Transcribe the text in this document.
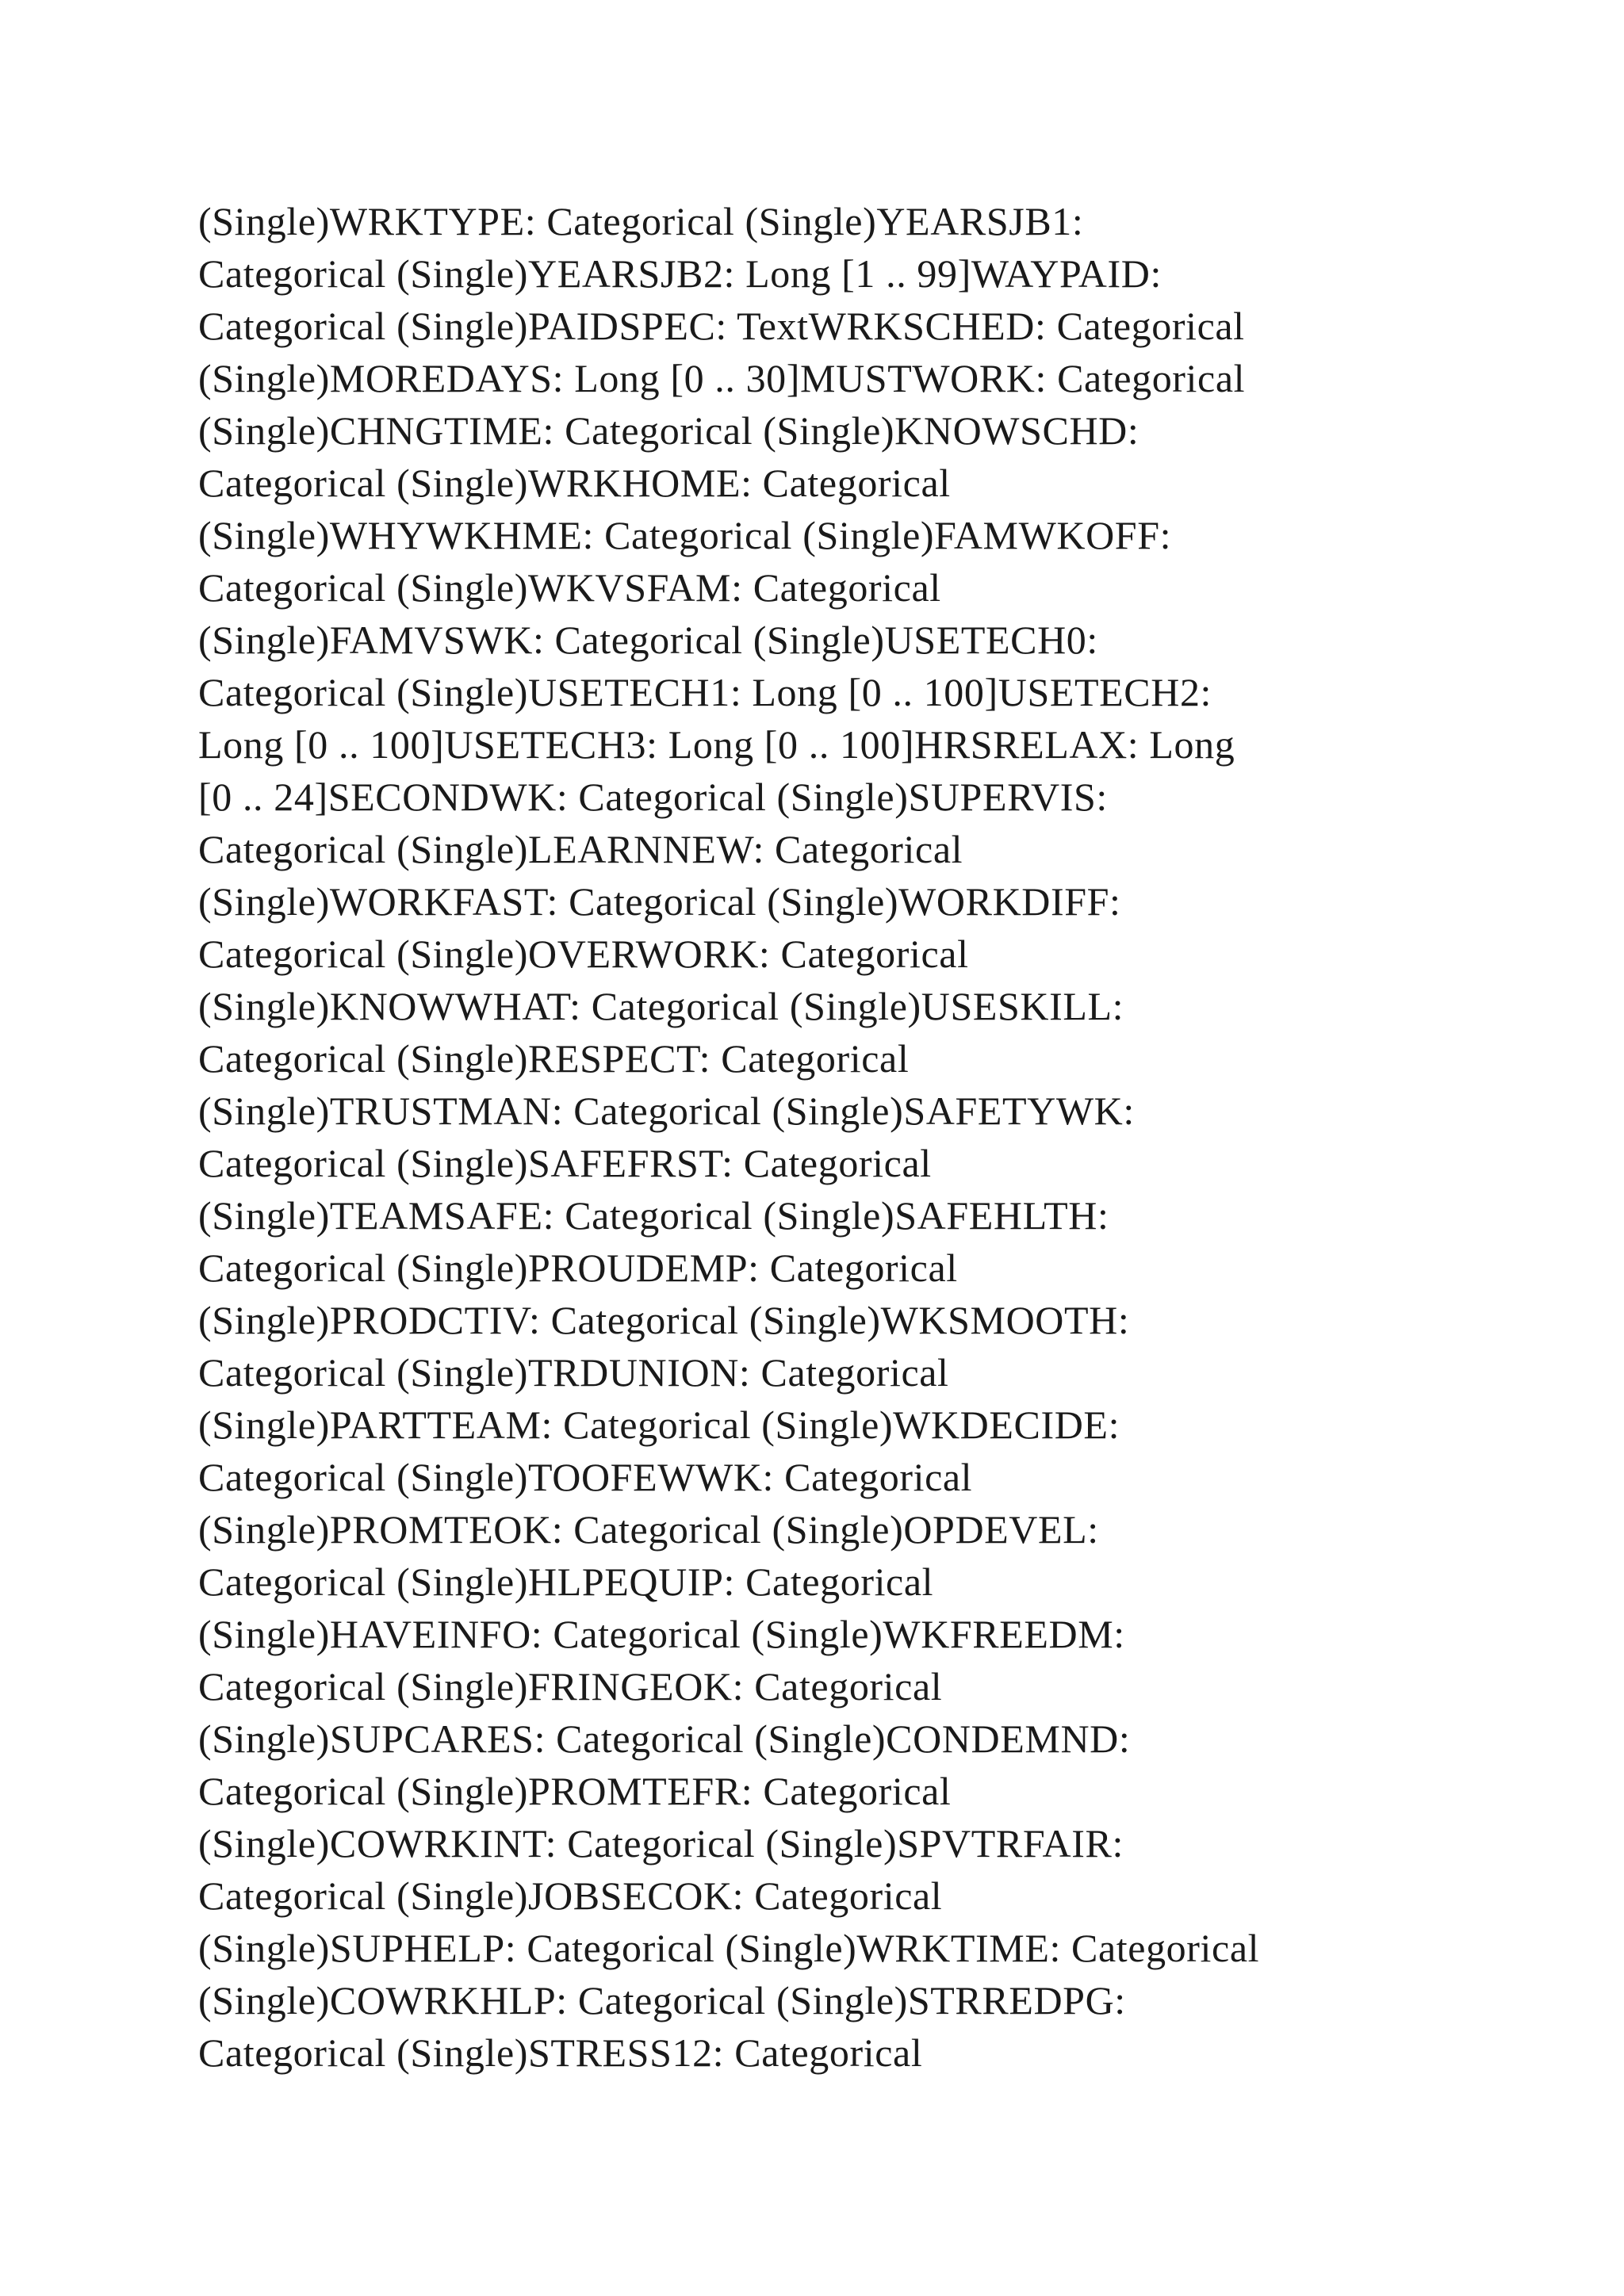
(Single)WRKTYPE: Categorical (Single)YEARSJB1:
Categorical (Single)YEARSJB2: Long [1 .. 99]WAYPAID:
Categorical (Single)PAIDSPEC: TextWRKSCHED: Categorical
(Single)MOREDAYS: Long [0 .. 30]MUSTWORK: Categorical
(Single)CHNGTIME: Categorical (Single)KNOWSCHD:
Categorical (Single)WRKHOME: Categorical
(Single)WHYWKHME: Categorical (Single)FAMWKOFF:
Categorical (Single)WKVSFAM: Categorical
(Single)FAMVSWK: Categorical (Single)USETECH0:
Categorical (Single)USETECH1: Long [0 .. 100]USETECH2:
Long [0 .. 100]USETECH3: Long [0 .. 100]HRSRELAX: Long
[0 .. 24]SECONDWK: Categorical (Single)SUPERVIS:
Categorical (Single)LEARNNEW: Categorical
(Single)WORKFAST: Categorical (Single)WORKDIFF:
Categorical (Single)OVERWORK: Categorical
(Single)KNOWWHAT: Categorical (Single)USESKILL:
Categorical (Single)RESPECT: Categorical
(Single)TRUSTMAN: Categorical (Single)SAFETYWK:
Categorical (Single)SAFEFRST: Categorical
(Single)TEAMSAFE: Categorical (Single)SAFEHLTH:
Categorical (Single)PROUDEMP: Categorical
(Single)PRODCTIV: Categorical (Single)WKSMOOTH:
Categorical (Single)TRDUNION: Categorical
(Single)PARTTEAM: Categorical (Single)WKDECIDE:
Categorical (Single)TOOFEWWK: Categorical
(Single)PROMTEOK: Categorical (Single)OPDEVEL:
Categorical (Single)HLPEQUIP: Categorical
(Single)HAVEINFO: Categorical (Single)WKFREEDM:
Categorical (Single)FRINGEOK: Categorical
(Single)SUPCARES: Categorical (Single)CONDEMND:
Categorical (Single)PROMTEFR: Categorical
(Single)COWRKINT: Categorical (Single)SPVTRFAIR:
Categorical (Single)JOBSECOK: Categorical
(Single)SUPHELP: Categorical (Single)WRKTIME: Categorical
(Single)COWRKHLP: Categorical (Single)STRREDPG:
Categorical (Single)STRESS12: Categorical
